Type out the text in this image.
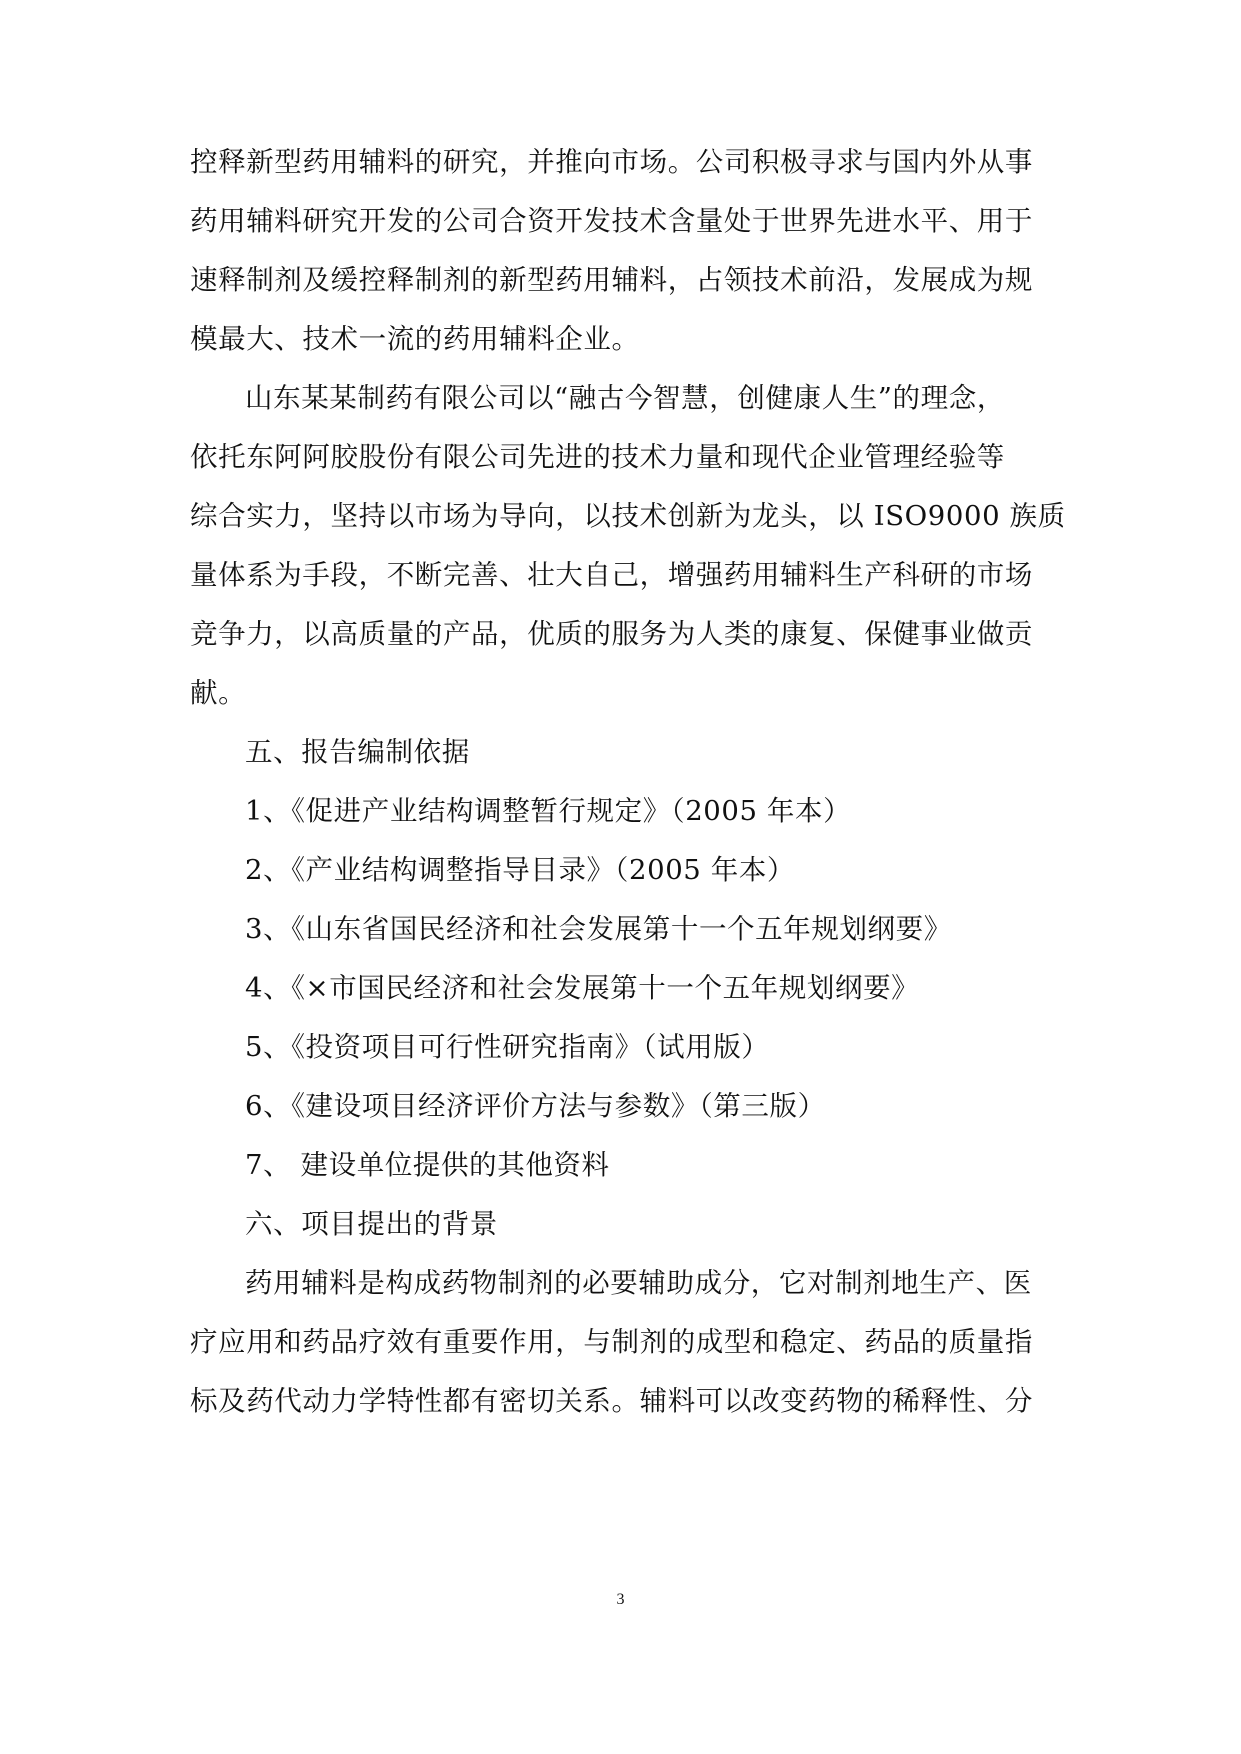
控释新型药用辅料的研究，并推向市场。公司积极寻求与国内外从事
药用辅料研究开发的公司合资开发技术含量处于世界先进水平、用于
速释制剂及缓控释制剂的新型药用辅料，占领技术前沿，发展成为规
模最大、技术一流的药用辅料企业。
山东某某制药有限公司以“融古今智慧，创健康人生”的理念，
依托东阿阿胶股份有限公司先进的技术力量和现代企业管理经验等
综合实力，坚持以市场为导向，以技术创新为龙头，以 ISO9000 族质
量体系为手段，不断完善、壮大自己，增强药用辅料生产科研的市场
竞争力，以高质量的产品，优质的服务为人类的康复、保健事业做贡
献。
五、报告编制依据
1、《促进产业结构调整暂行规定》（2005 年本）
2、《产业结构调整指导目录》（2005 年本）
3、《山东省国民经济和社会发展第十一个五年规划纲要》
4、《×市国民经济和社会发展第十一个五年规划纲要》
5、《投资项目可行性研究指南》（试用版）
6、《建设项目经济评价方法与参数》（第三版）
7、 建设单位提供的其他资料
六、项目提出的背景
药用辅料是构成药物制剂的必要辅助成分，它对制剂地生产、医
疗应用和药品疗效有重要作用，与制剂的成型和稳定、药品的质量指
标及药代动力学特性都有密切关系。辅料可以改变药物的稀释性、分
3
